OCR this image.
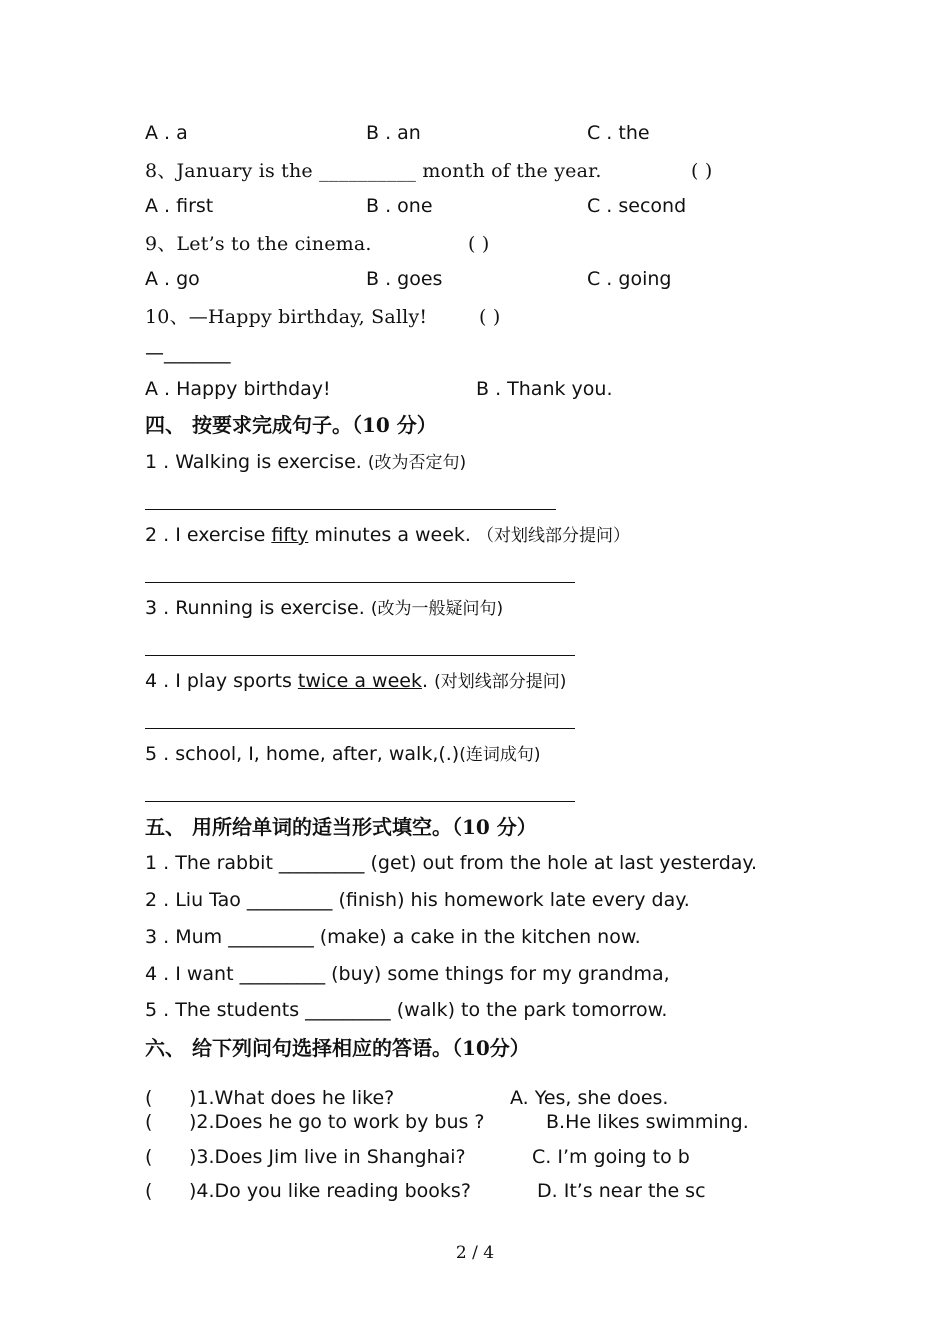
A . a	B . an	C . the
8、January is the __________ month of the year.	( )
A . first	B . one	C . second
9、Let’s to the cinema.	( )
A . go	B . goes	C . going
10、—Happy birthday, Sally!	( )
—_______
A . Happy birthday!	B . Thank you.
四、 按要求完成句子。（10 分）
1 . Walking is exercise. (改为否定句)
2 . I exercise fifty minutes a week. （对划线部分提问）
3 . Running is exercise. (改为一般疑问句)
4 . I play sports twice a week. (对划线部分提问)
5 . school, I, home, after, walk,(.)(连词成句)
五、 用所给单词的适当形式填空。（10 分）
1 . The rabbit _________ (get) out from the hole at last yesterday.
2 . Liu Tao _________ (finish) his homework late every day.
3 . Mum _________ (make) a cake in the kitchen now.
4 . I want _________ (buy) some things for my grandma,
5 . The students _________ (walk) to the park tomorrow.
六、 给下列问句选择相应的答语。（10分）
( )1.What does he like?	A. Yes, she does.
( )2.Does he go to work by bus ?	B.He likes swimming.
( )3.Does Jim live in Shanghai?	C. I’m going to b
( )4.Do you like reading books?	D. It’s near the sc
2 / 4
